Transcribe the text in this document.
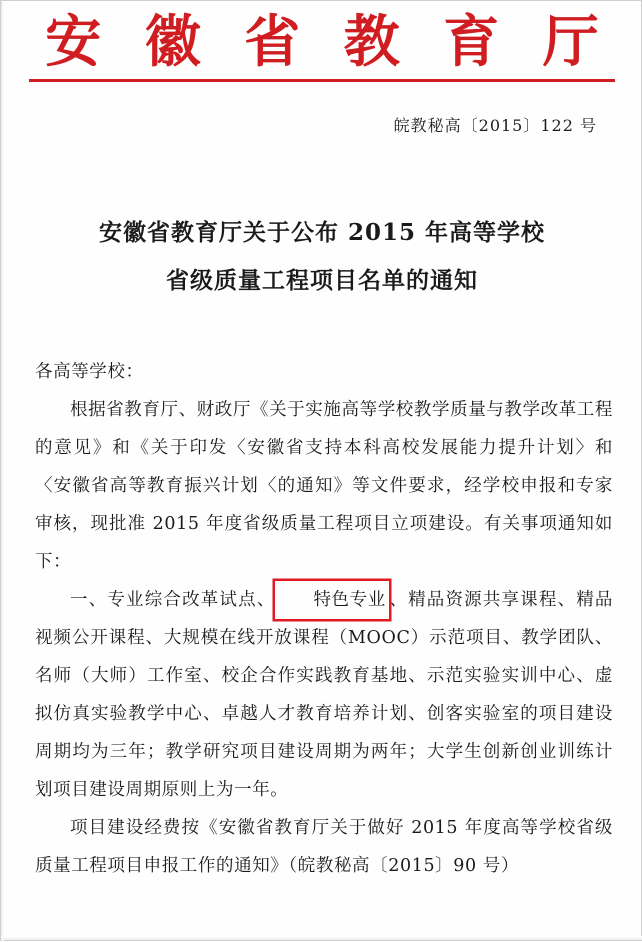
安 徽 省 教 育 厅
皖教秘高〔2015〕122 号
安徽省教育厅关于公布 2015 年高等学校
省级质量工程项目名单的通知

各高等学校：

根据省教育厅、财政厅《关于实施高等学校教学质量与教学改革工程的意见》和《关于印发〈安徽省支持本科高校发展能力提升计划〉和〈安徽省高等教育振兴计划〈的通知》等文件要求，经学校申报和专家审核，现批准 2015 年度省级质量工程项目立项建设。有关事项通知如下：

一、专业综合改革试点、 特色专业 、精品资源共享课程、精品视频公开课程、大规模在线开放课程（MOOC）示范项目、教学团队、名师（大师）工作室、校企合作实践教育基地、示范实验实训中心、虚拟仿真实验教学中心、卓越人才教育培养计划、创客实验室的项目建设周期均为三年；教学研究项目建设周期为两年；大学生创新创业训练计划项目建设周期原则上为一年。

项目建设经费按《安徽省教育厅关于做好 2015 年度高等学校省级质量工程项目申报工作的通知》（皖教秘高〔2015〕90 号）
